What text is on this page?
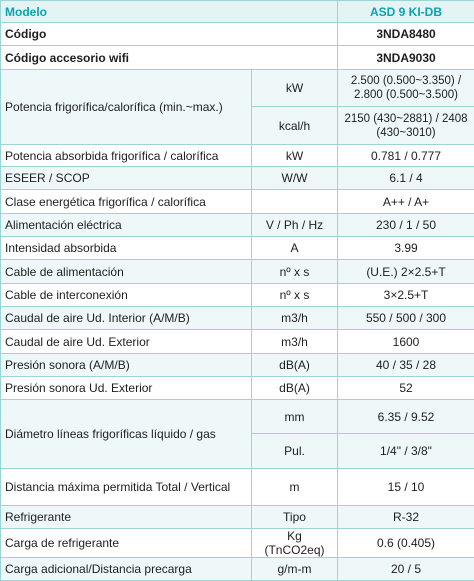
Modelo		ASD 9 KI-DB
Código		3NDA8480
Código accesorio wifi		3NDA9030
Potencia frigorífica/calorífica (min.~max.)	kW	2.500 (0.500~3.350) / 2.800 (0.500~3.500)
	kcal/h	2150 (430~2881) / 2408 (430~3010)
Potencia absorbida frigorífica / calorífica	kW	0.781 / 0.777
ESEER / SCOP	W/W	6.1 / 4
Clase energética frigorífica / calorífica		A++ / A+
Alimentación eléctrica	V / Ph / Hz	230 / 1 / 50
Intensidad absorbida	A	3.99
Cable de alimentación	nº x s	(U.E.) 2×2.5+T
Cable de interconexión	nº x s	3×2.5+T
Caudal de aire Ud. Interior (A/M/B)	m3/h	550 / 500 / 300
Caudal de aire Ud. Exterior	m3/h	1600
Presión sonora (A/M/B)	dB(A)	40 / 35 / 28
Presión sonora Ud. Exterior	dB(A)	52
Diámetro líneas frigoríficas líquido / gas	mm	6.35 / 9.52
	Pul.	1/4" / 3/8"
Distancia máxima permitida Total / Vertical	m	15 / 10
Refrigerante	Tipo	R-32
Carga de refrigerante	Kg (TnCO2eq)	0.6 (0.405)
Carga adicional/Distancia precarga	g/m-m	20 / 5
